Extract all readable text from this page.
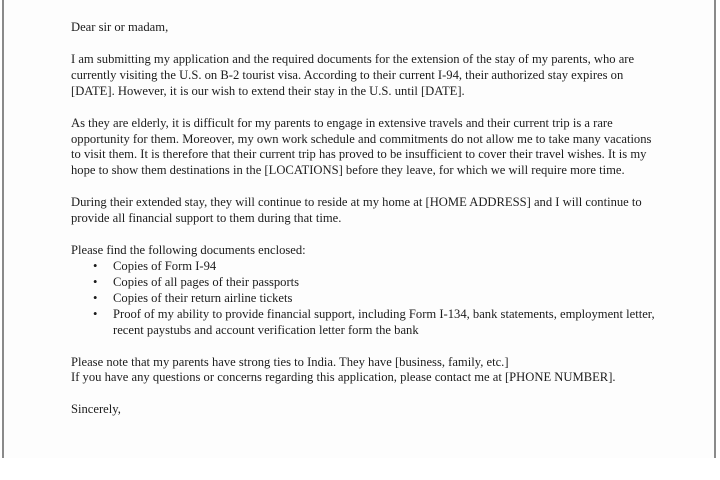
Dear sir or madam,

I am submitting my application and the required documents for the extension of the stay of my parents, who are currently visiting the U.S. on B-2 tourist visa. According to their current I-94, their authorized stay expires on [DATE]. However, it is our wish to extend their stay in the U.S. until [DATE].

As they are elderly, it is difficult for my parents to engage in extensive travels and their current trip is a rare opportunity for them. Moreover, my own work schedule and commitments do not allow me to take many vacations to visit them. It is therefore that their current trip has proved to be insufficient to cover their travel wishes. It is my hope to show them destinations in the [LOCATIONS] before they leave, for which we will require more time.

During their extended stay, they will continue to reside at my home at [HOME ADDRESS] and I will continue to provide all financial support to them during that time.

Please find the following documents enclosed:

• Copies of Form I-94
• Copies of all pages of their passports
• Copies of their return airline tickets
• Proof of my ability to provide financial support, including Form I-134, bank statements, employment letter, recent paystubs and account verification letter form the bank

Please note that my parents have strong ties to India. They have [business, family, etc.]

If you have any questions or concerns regarding this application, please contact me at [PHONE NUMBER].

Sincerely,
